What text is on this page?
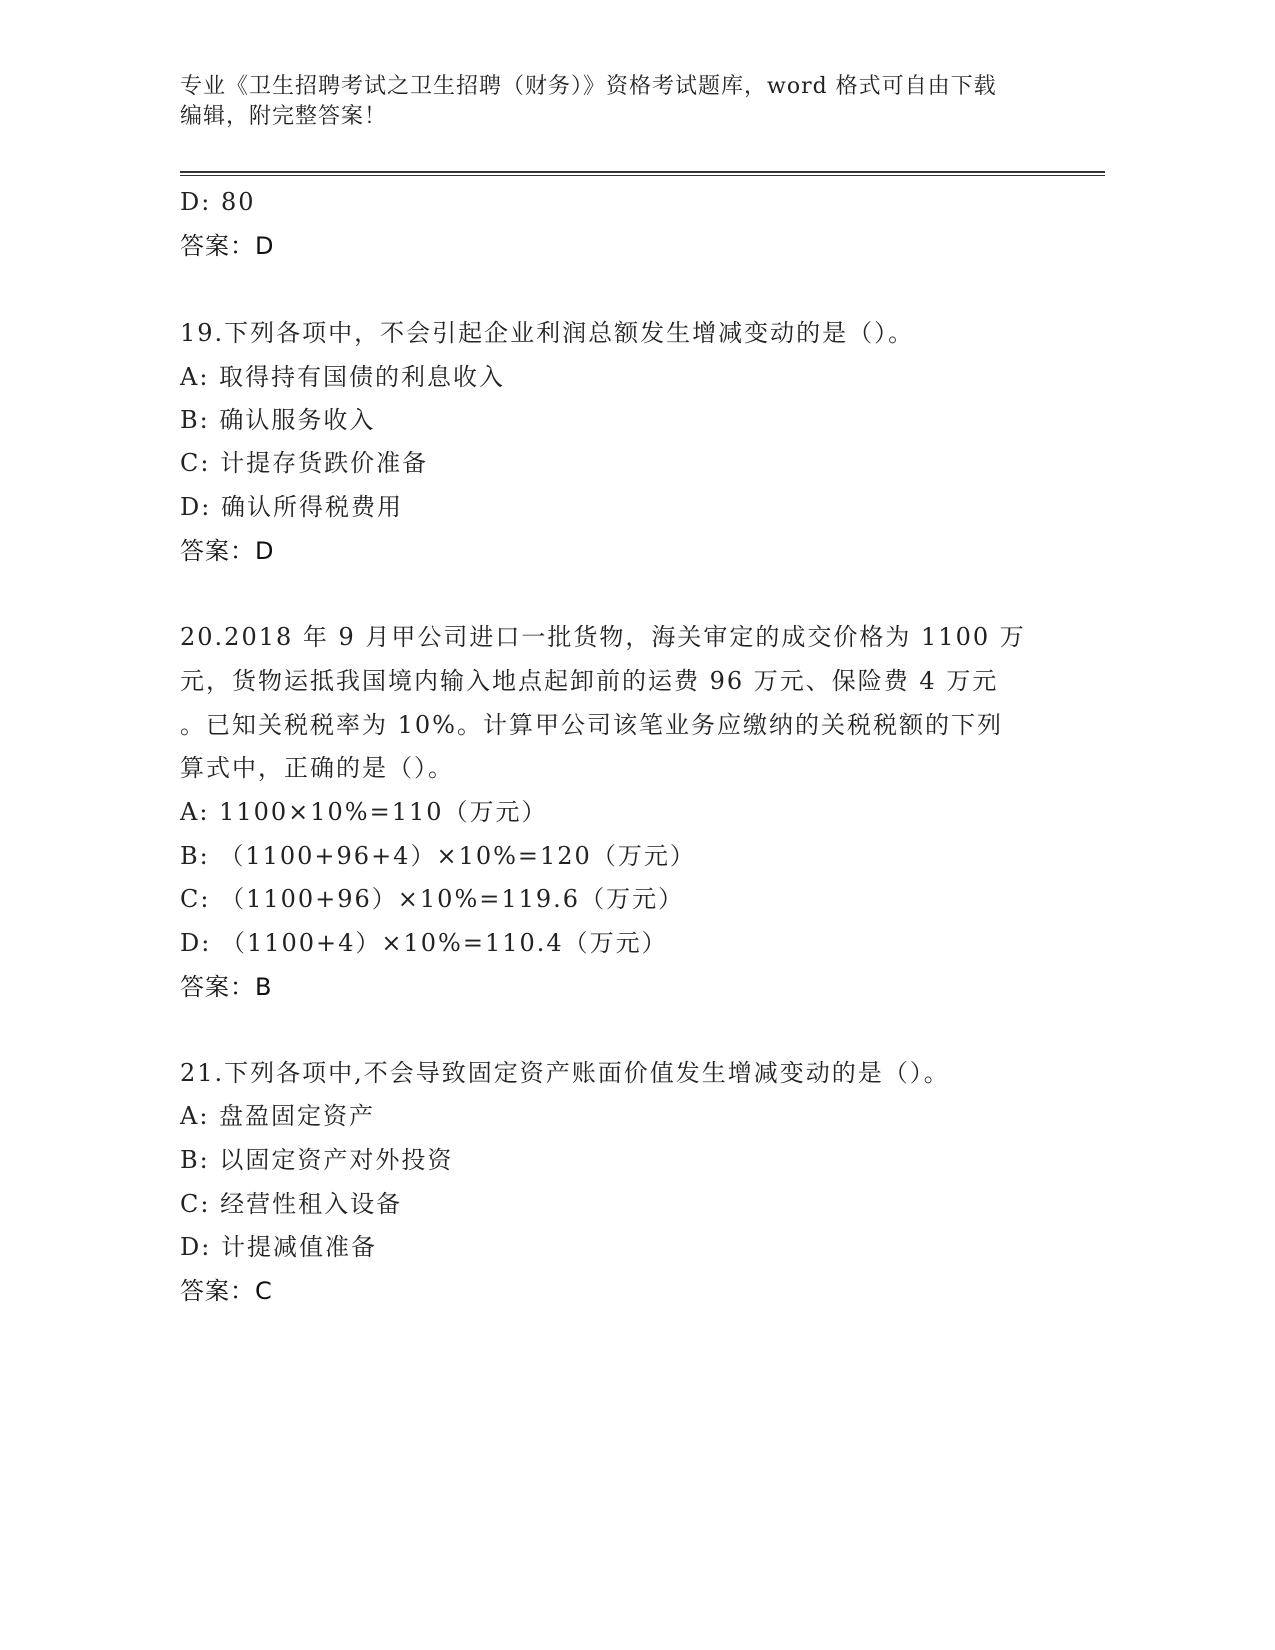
专业《卫生招聘考试之卫生招聘（财务）》资格考试题库，word 格式可自由下载
编辑，附完整答案！
D: 80
答案：D
19.下列各项中，不会引起企业利润总额发生增减变动的是（）。
A: 取得持有国债的利息收入
B: 确认服务收入
C: 计提存货跌价准备
D: 确认所得税费用
答案：D
20.2018 年 9 月甲公司进口一批货物，海关审定的成交价格为 1100 万
元，货物运抵我国境内输入地点起卸前的运费 96 万元、保险费 4 万元
。已知关税税率为 10%。计算甲公司该笔业务应缴纳的关税税额的下列
算式中，正确的是（）。
A: 1100×10%=110（万元）
B: （1100+96+4）×10%=120（万元）
C: （1100+96）×10%=119.6（万元）
D: （1100+4）×10%=110.4（万元）
答案：B
21.下列各项中,不会导致固定资产账面价值发生增减变动的是（）。
A: 盘盈固定资产
B: 以固定资产对外投资
C: 经营性租入设备
D: 计提减值准备
答案：C
